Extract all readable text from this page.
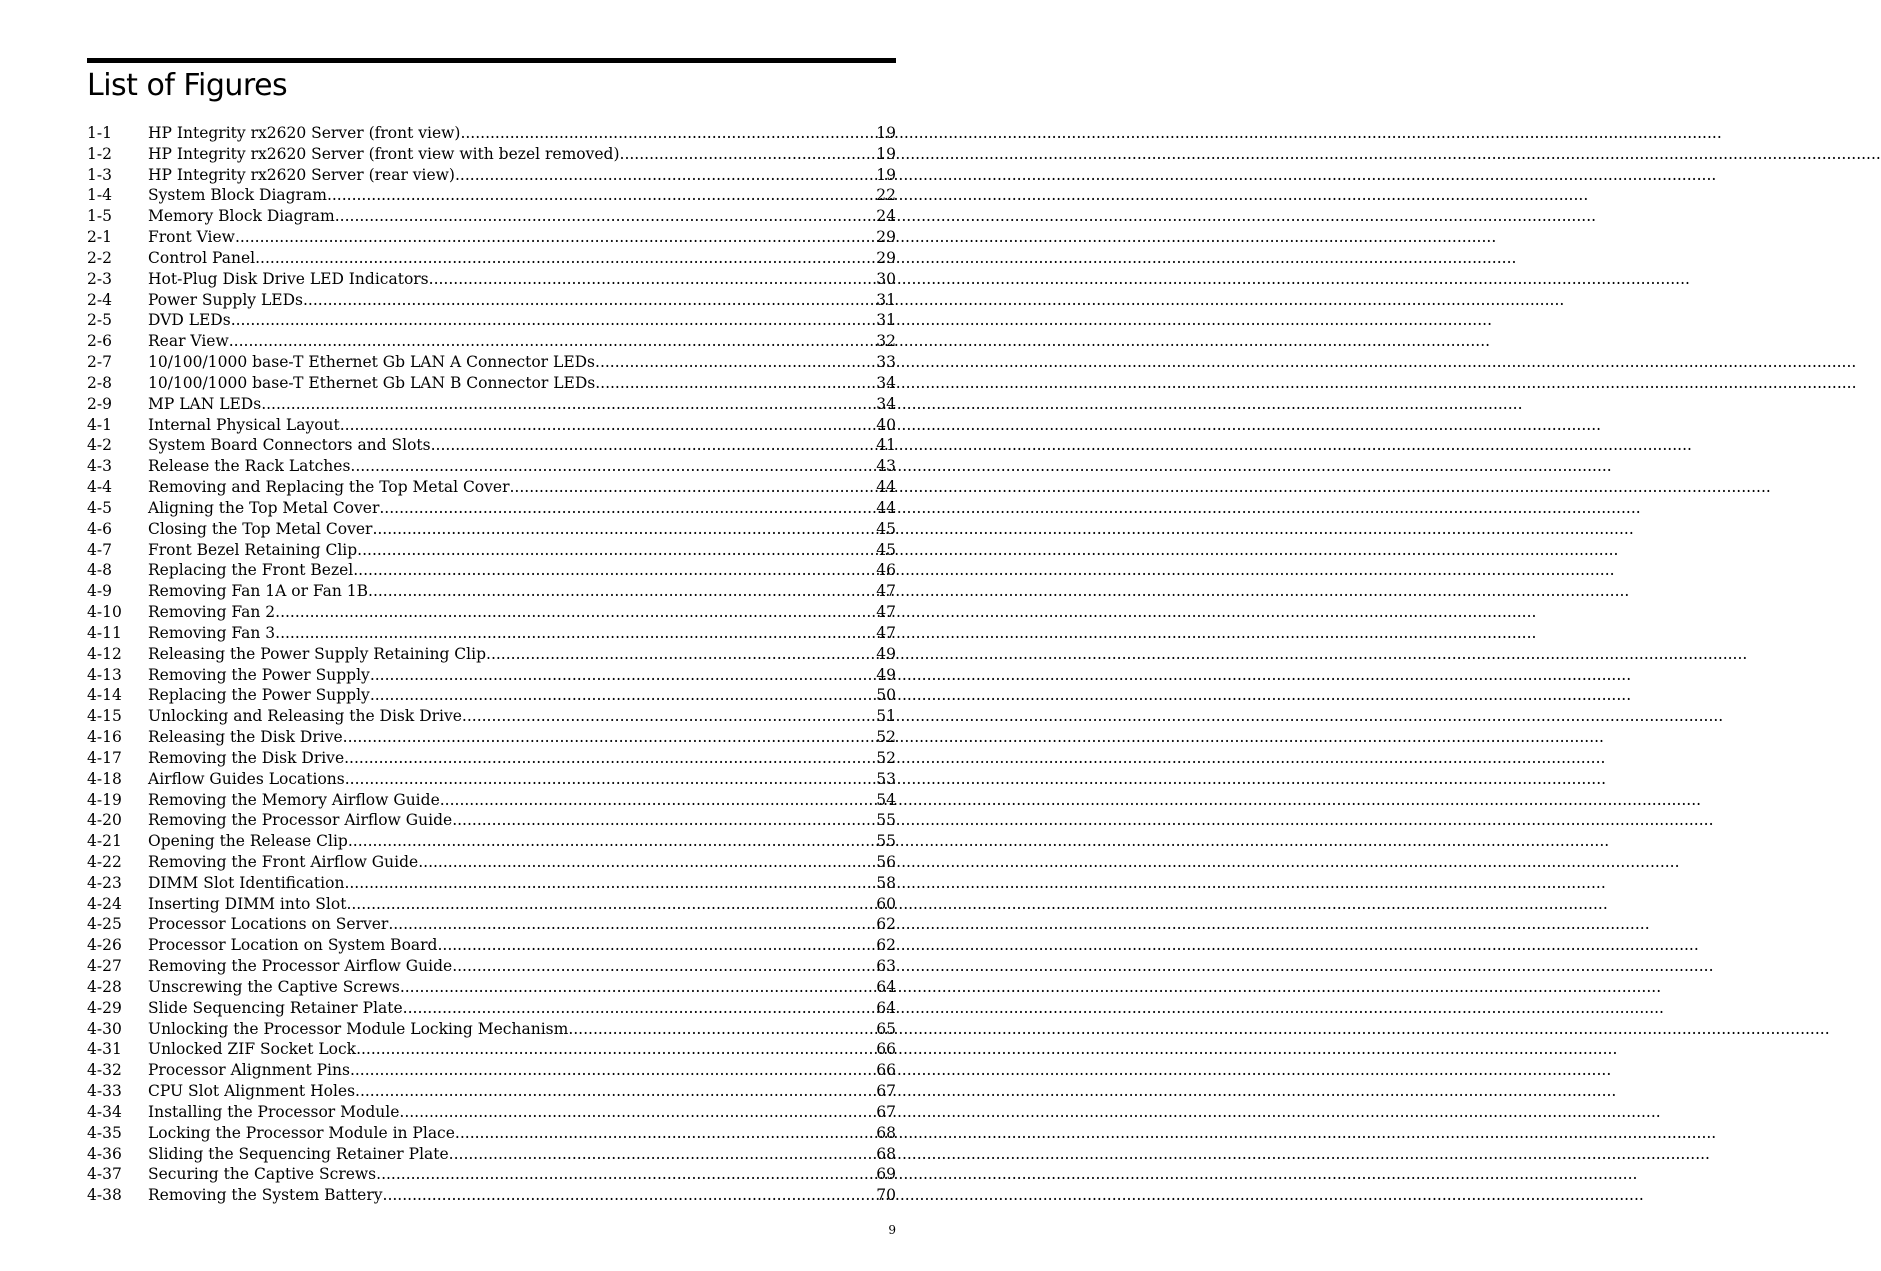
List of Figures
1-1	HP Integrity rx2620 Server (front view) .....	19
1-2	HP Integrity rx2620 Server (front view with bezel removed) .....	19
1-3	HP Integrity rx2620 Server (rear view) .....	19
1-4	System Block Diagram .....	22
1-5	Memory Block Diagram .....	24
2-1	Front View .....	29
2-2	Control Panel .....	29
2-3	Hot-Plug Disk Drive LED Indicators .....	30
2-4	Power Supply LEDs .....	31
2-5	DVD LEDs .....	31
2-6	Rear View .....	32
2-7	10/100/1000 base-T Ethernet Gb LAN A Connector LEDs .....	33
2-8	10/100/1000 base-T Ethernet Gb LAN B Connector LEDs .....	34
2-9	MP LAN LEDs .....	34
4-1	Internal Physical Layout .....	40
4-2	System Board Connectors and Slots .....	41
4-3	Release the Rack Latches .....	43
4-4	Removing and Replacing the Top Metal Cover .....	44
4-5	Aligning the Top Metal Cover .....	44
4-6	Closing the Top Metal Cover .....	45
4-7	Front Bezel Retaining Clip .....	45
4-8	Replacing the Front Bezel .....	46
4-9	Removing Fan 1A or Fan 1B .....	47
4-10	Removing Fan 2 .....	47
4-11	Removing Fan 3 .....	47
4-12	Releasing the Power Supply Retaining Clip .....	49
4-13	Removing the Power Supply .....	49
4-14	Replacing the Power Supply .....	50
4-15	Unlocking and Releasing the Disk Drive .....	51
4-16	Releasing the Disk Drive .....	52
4-17	Removing the Disk Drive .....	52
4-18	Airflow Guides Locations .....	53
4-19	Removing the Memory Airflow Guide .....	54
4-20	Removing the Processor Airflow Guide .....	55
4-21	Opening the Release Clip .....	55
4-22	Removing the Front Airflow Guide .....	56
4-23	DIMM Slot Identification .....	58
4-24	Inserting DIMM into Slot .....	60
4-25	Processor Locations on Server .....	62
4-26	Processor Location on System Board .....	62
4-27	Removing the Processor Airflow Guide .....	63
4-28	Unscrewing the Captive Screws .....	64
4-29	Slide Sequencing Retainer Plate .....	64
4-30	Unlocking the Processor Module Locking Mechanism .....	65
4-31	Unlocked ZIF Socket Lock .....	66
4-32	Processor Alignment Pins .....	66
4-33	CPU Slot Alignment Holes .....	67
4-34	Installing the Processor Module .....	67
4-35	Locking the Processor Module in Place .....	68
4-36	Sliding the Sequencing Retainer Plate .....	68
4-37	Securing the Captive Screws .....	69
4-38	Removing the System Battery .....	70
9
